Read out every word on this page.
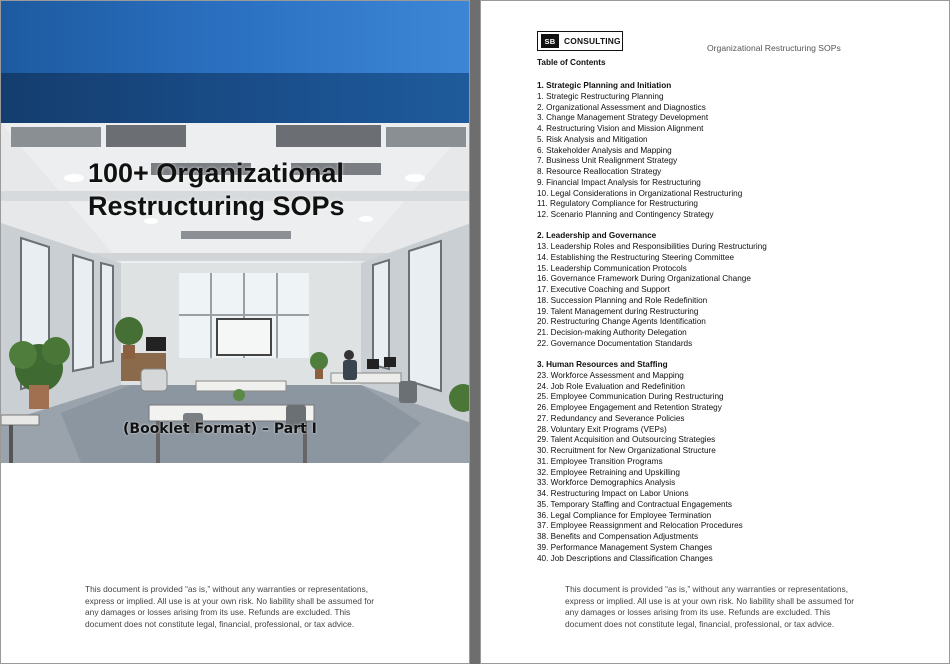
100+ Organizational
Restructuring SOPs
(Booklet Format) – Part I
This document is provided “as is,” without any warranties or representations, express or implied. All use is at your own risk. No liability shall be assumed for any damages or losses arising from its use. Refunds are excluded. This document does not constitute legal, financial, professional, or tax advice.
SB	CONSULTING
Organizational Restructuring SOPs
Table of Contents
1. Strategic Planning and Initiation
1. Strategic Restructuring Planning
2. Organizational Assessment and Diagnostics
3. Change Management Strategy Development
4. Restructuring Vision and Mission Alignment
5. Risk Analysis and Mitigation
6. Stakeholder Analysis and Mapping
7. Business Unit Realignment Strategy
8. Resource Reallocation Strategy
9. Financial Impact Analysis for Restructuring
10. Legal Considerations in Organizational Restructuring
11. Regulatory Compliance for Restructuring
12. Scenario Planning and Contingency Strategy
2. Leadership and Governance
13. Leadership Roles and Responsibilities During Restructuring
14. Establishing the Restructuring Steering Committee
15. Leadership Communication Protocols
16. Governance Framework During Organizational Change
17. Executive Coaching and Support
18. Succession Planning and Role Redefinition
19. Talent Management during Restructuring
20. Restructuring Change Agents Identification
21. Decision-making Authority Delegation
22. Governance Documentation Standards
3. Human Resources and Staffing
23. Workforce Assessment and Mapping
24. Job Role Evaluation and Redefinition
25. Employee Communication During Restructuring
26. Employee Engagement and Retention Strategy
27. Redundancy and Severance Policies
28. Voluntary Exit Programs (VEPs)
29. Talent Acquisition and Outsourcing Strategies
30. Recruitment for New Organizational Structure
31. Employee Transition Programs
32. Employee Retraining and Upskilling
33. Workforce Demographics Analysis
34. Restructuring Impact on Labor Unions
35. Temporary Staffing and Contractual Engagements
36. Legal Compliance for Employee Termination
37. Employee Reassignment and Relocation Procedures
38. Benefits and Compensation Adjustments
39. Performance Management System Changes
40. Job Descriptions and Classification Changes
This document is provided “as is,” without any warranties or representations, express or implied. All use is at your own risk. No liability shall be assumed for any damages or losses arising from its use. Refunds are excluded. This document does not constitute legal, financial, professional, or tax advice.
